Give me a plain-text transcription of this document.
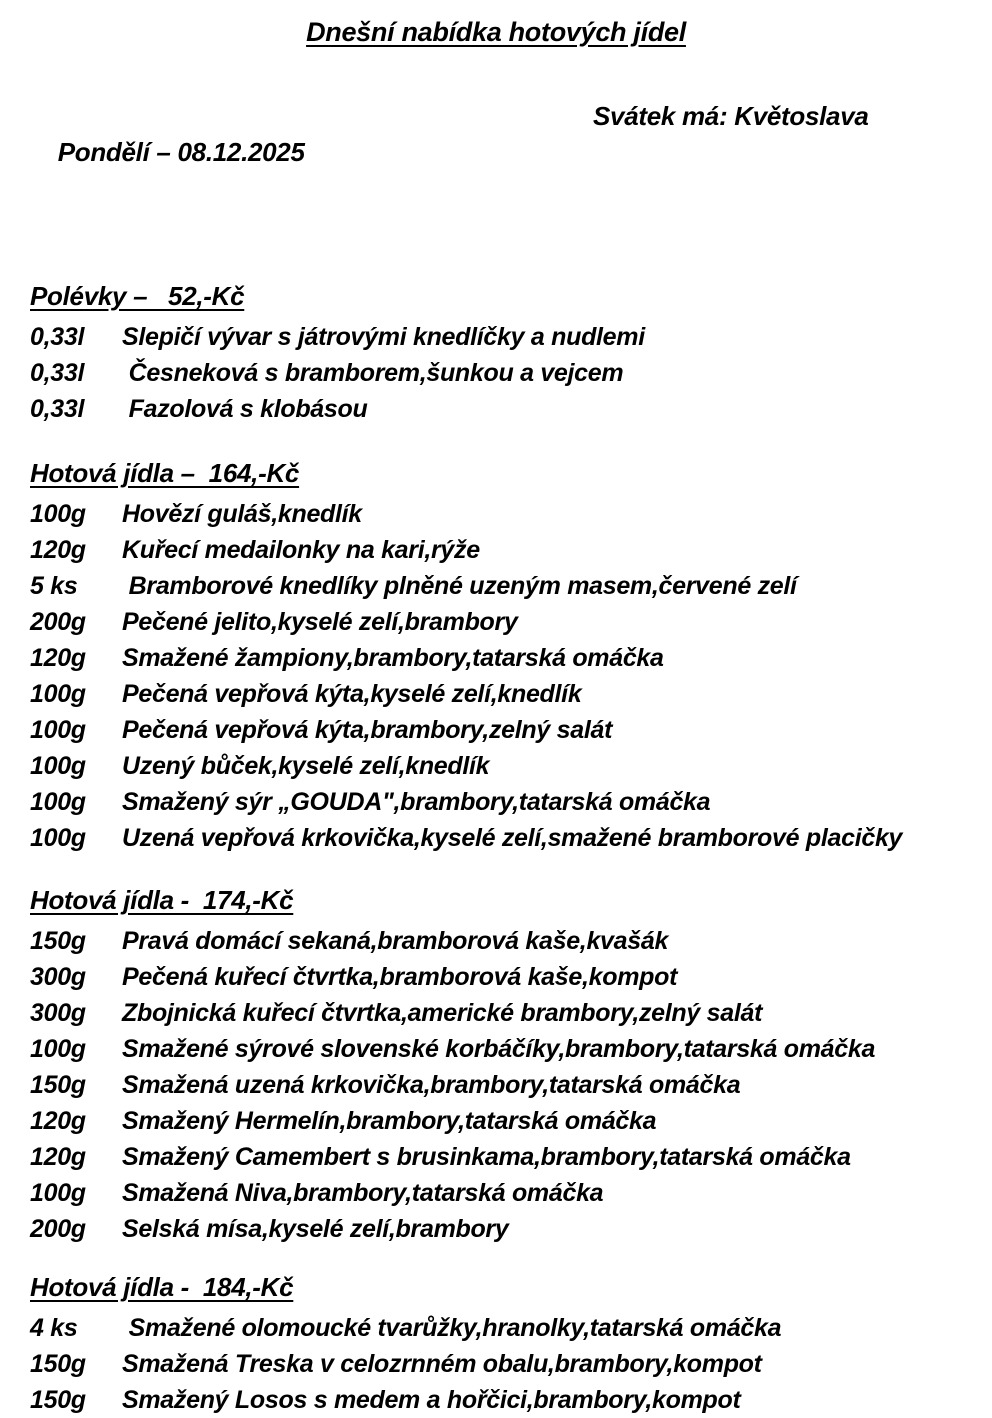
Dnešní nabídka hotových jídel

Pondělí – 08.12.2025

Svátek má: Květoslava

Polévky –   52,-Kč
0,33l	Slepičí vývar s játrovými knedlíčky a nudlemi
0,33l	Česneková s bramborem,šunkou a vejcem
0,33l	Fazolová s klobásou
Hotová jídla –  164,-Kč
100g	Hovězí guláš,knedlík
120g	Kuřecí medailonky na kari,rýže
5 ks	Bramborové knedlíky plněné uzeným masem,červené zelí
200g	Pečené jelito,kyselé zelí,brambory
120g	Smažené žampiony,brambory,tatarská omáčka
100g	Pečená vepřová kýta,kyselé zelí,knedlík
100g	Pečená vepřová kýta,brambory,zelný salát
100g	Uzený bůček,kyselé zelí,knedlík
100g	Smažený sýr „GOUDA",brambory,tatarská omáčka
100g	Uzená vepřová krkovička,kyselé zelí,smažené bramborové placičky
Hotová jídla -  174,-Kč
150g	Pravá domácí sekaná,bramborová kaše,kvašák
300g	Pečená kuřecí čtvrtka,bramborová kaše,kompot
300g	Zbojnická kuřecí čtvrtka,americké brambory,zelný salát
100g	Smažené sýrové slovenské korbáčíky,brambory,tatarská omáčka
150g	Smažená uzená krkovička,brambory,tatarská omáčka
120g	Smažený Hermelín,brambory,tatarská omáčka
120g	Smažený Camembert s brusinkama,brambory,tatarská omáčka
100g	Smažená Niva,brambory,tatarská omáčka
200g	Selská mísa,kyselé zelí,brambory
Hotová jídla -  184,-Kč
4 ks	Smažené olomoucké tvarůžky,hranolky,tatarská omáčka
150g	Smažená Treska v celozrnném obalu,brambory,kompot
150g	Smažený Losos s medem a hořčici,brambory,kompot
